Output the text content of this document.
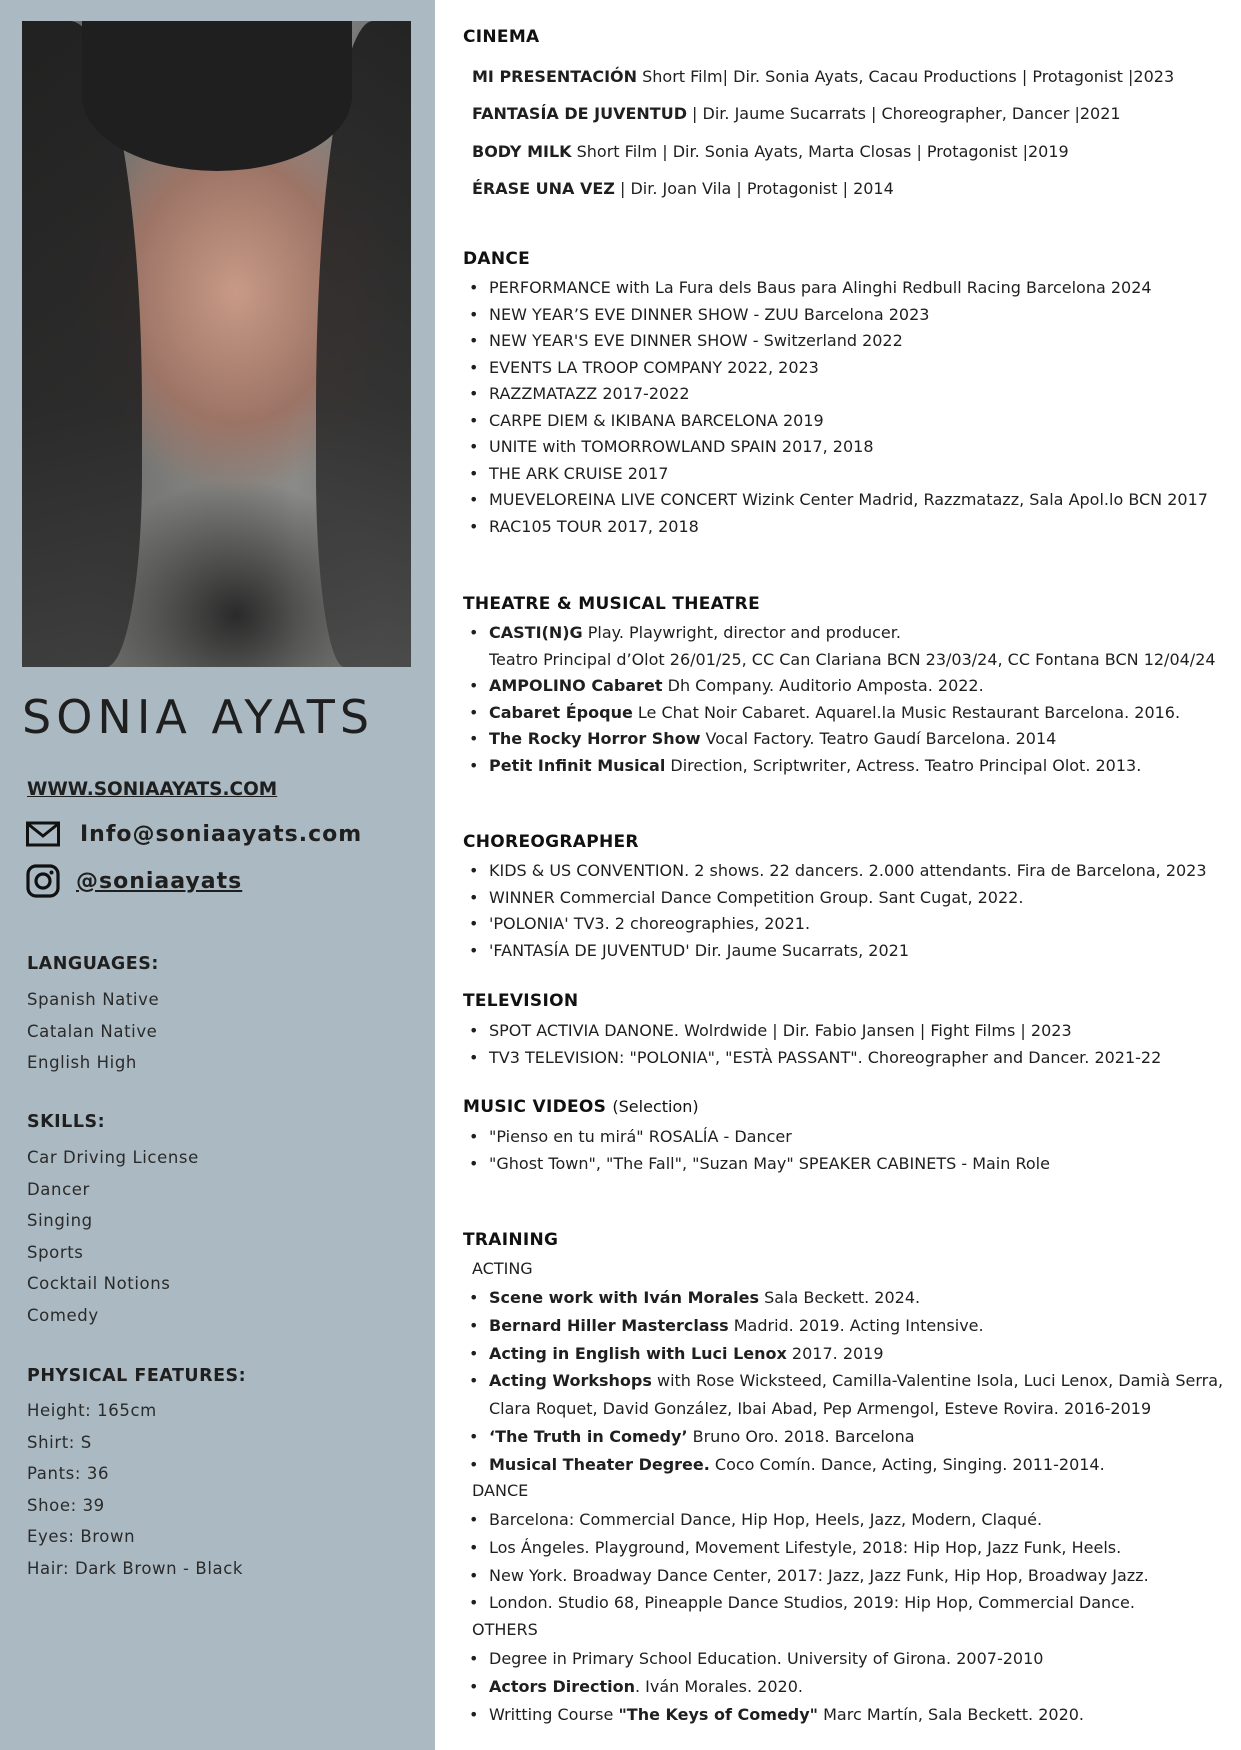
SONIA AYATS
WWW.SONIAAYATS.COM
Info@soniaayats.com
@soniaayats
LANGUAGES:
Spanish Native
Catalan Native
English High
SKILLS:
Car Driving License
Dancer
Singing
Sports
Cocktail Notions
Comedy
PHYSICAL FEATURES:
Height: 165cm
Shirt: S
Pants: 36
Shoe: 39
Eyes: Brown
Hair: Dark Brown - Black
CINEMA
MI PRESENTACIÓN Short Film| Dir. Sonia Ayats, Cacau Productions | Protagonist |2023
FANTASÍA DE JUVENTUD | Dir. Jaume Sucarrats | Choreographer, Dancer |2021
BODY MILK Short Film | Dir. Sonia Ayats, Marta Closas | Protagonist |2019
ÉRASE UNA VEZ | Dir. Joan Vila | Protagonist | 2014
DANCE
• PERFORMANCE with La Fura dels Baus para Alinghi Redbull Racing Barcelona 2024
• NEW YEAR’S EVE DINNER SHOW - ZUU Barcelona 2023
• NEW YEAR'S EVE DINNER SHOW - Switzerland 2022
• EVENTS LA TROOP COMPANY 2022, 2023
• RAZZMATAZZ 2017-2022
• CARPE DIEM & IKIBANA BARCELONA 2019
• UNITE with TOMORROWLAND SPAIN 2017, 2018
• THE ARK CRUISE 2017
• MUEVELOREINA LIVE CONCERT Wizink Center Madrid, Razzmatazz, Sala Apol.lo BCN 2017
• RAC105 TOUR 2017, 2018
THEATRE & MUSICAL THEATRE
• CASTI(N)G Play. Playwright, director and producer.
Teatro Principal d’Olot 26/01/25, CC Can Clariana BCN 23/03/24, CC Fontana BCN 12/04/24
• AMPOLINO Cabaret Dh Company. Auditorio Amposta. 2022.
• Cabaret Époque Le Chat Noir Cabaret. Aquarel.la Music Restaurant Barcelona. 2016.
• The Rocky Horror Show Vocal Factory. Teatro Gaudí Barcelona. 2014
• Petit Infinit Musical Direction, Scriptwriter, Actress. Teatro Principal Olot. 2013.
CHOREOGRAPHER
• KIDS & US CONVENTION. 2 shows. 22 dancers. 2.000 attendants. Fira de Barcelona, 2023
• WINNER Commercial Dance Competition Group. Sant Cugat, 2022.
• 'POLONIA' TV3. 2 choreographies, 2021.
• 'FANTASÍA DE JUVENTUD' Dir. Jaume Sucarrats, 2021
TELEVISION
• SPOT ACTIVIA DANONE. Wolrdwide | Dir. Fabio Jansen | Fight Films | 2023
• TV3 TELEVISION: "POLONIA", "ESTÀ PASSANT". Choreographer and Dancer. 2021-22
MUSIC VIDEOS (Selection)
• "Pienso en tu mirá" ROSALÍA - Dancer
• "Ghost Town", "The Fall", "Suzan May" SPEAKER CABINETS - Main Role
TRAINING
ACTING
• Scene work with Iván Morales Sala Beckett. 2024.
• Bernard Hiller Masterclass Madrid. 2019. Acting Intensive.
• Acting in English with Luci Lenox 2017. 2019
• Acting Workshops with Rose Wicksteed, Camilla-Valentine Isola, Luci Lenox, Damià Serra,
Clara Roquet, David González, Ibai Abad, Pep Armengol, Esteve Rovira. 2016-2019
• ‘The Truth in Comedy’ Bruno Oro. 2018. Barcelona
• Musical Theater Degree. Coco Comín. Dance, Acting, Singing. 2011-2014.
DANCE
• Barcelona: Commercial Dance, Hip Hop, Heels, Jazz, Modern, Claqué.
• Los Ángeles. Playground, Movement Lifestyle, 2018: Hip Hop, Jazz Funk, Heels.
• New York. Broadway Dance Center, 2017: Jazz, Jazz Funk, Hip Hop, Broadway Jazz.
• London. Studio 68, Pineapple Dance Studios, 2019: Hip Hop, Commercial Dance.
OTHERS
• Degree in Primary School Education. University of Girona. 2007-2010
• Actors Direction. Iván Morales. 2020.
• Writting Course "The Keys of Comedy" Marc Martín, Sala Beckett. 2020.
